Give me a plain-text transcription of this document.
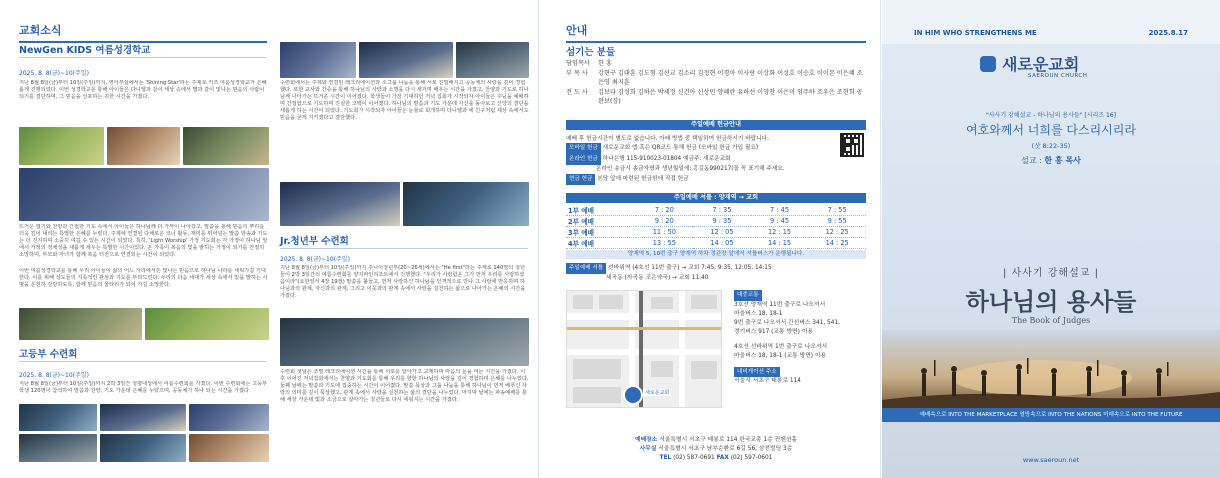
교회소식
NewGen KIDS 여름성경학교
2025. 8. 8(금)~10(주일)
지난 8월 8일(금)부터 10일(주일)까지, 영아부실에서는 'Shining Star'라는 주제로 키즈 여름성경학교가 은혜롭게 진행되었다. 이번 성경학교를 통해 아이들은 다니엘과 같이 세상 속에서 별과 같이 빛나는 믿음의 사람이 되기를 결단하며, 그 믿음을 선포하는 귀한 시간을 가졌다.
뜨거운 열기와 찬양과 간절한 기도 속에서 아이들은 하나님께 더 가까이 나아갔고, 말씀을 통해 믿음의 뿌리를 더욱 깊이 내리는 특별한 은혜를 누렸다. 주제에 연결된 다채로운 코너 활동, 재미를 뛰어넘는 말씀 암송과 기도는 더 진지하며 소중히 여길 수 있는 시간이 되었다. 특히, 'Light Worship' 가정 기도회는 각 가정이 하나님 앞에서 가정의 정체성을 새롭게 세우는 특별한 시간이었다. 온 가족이 복음의 빛을 밝히는 가정이 되기를 간절히 소망하며, 부모와 자녀가 함께 복음 터전으로 연결되는 시간이 되었다.
이번 여름성경학교를 통해 우리 아이들이 삶의 어느 자리에서든 빛나는 믿음으로 하나님 나라를 세워가길 기대한다. 이를 위해 성도들의 지속적인 관심과 기도를 부탁드린다. 우리의 다음 세대가 세상 속에서 빛을 발하는 사명을 온전히 감당하도록, 함께 믿음의 울타리가 되어 가길 소망한다.
고등부 수련회
2025. 8. 8(금)~10(주일)
지난 8월 8일(금)부터 10일(주일)까지 2박 3일간 청평대성에서 여름수련회를 가졌다. 이번 수련회에는 고등부 학생 120명이 참석하여 말씀과 찬양, 기도 가운데 은혜를 누렸으며, 공동체가 하나 되는 시간을 가졌다.
수련회에서는 주제와 연결된 레크리에이션과 소그룹 나눔을 통해 서로 친밀해지고 공동체의 사랑을 깊이 경험했다. 또한 교사와 간증을 통해 하나님의 사랑과 소명을 다시 새기며 배우는 시간을 가졌고, 찬양과 기도로 하나님께 나아가는 뜨거운 시간이 이어졌다. 학생들이 가장 기대하던 저녁 집회가 시작되자 아이들은 주님을 예배하며 간절함으로 기도하며 진실한 고백이 이어졌다. 하나님의 말씀과 기도 가운데 자신을 돌아보고 신앙의 결단을 새롭게 하는 시간이 되었다. 기도회가 시작되자 아이들은 눈물로 회개하며 다니엘과 세 친구처럼 세상 속에서도 믿음을 굳게 지키겠다고 결단했다.
Jr.청년부 수련회
2025. 8. 8(금)~10(주일)
지난 8월 8일(금)부터 10일(주일)까지 주니어청년부(20~26세)에서는 "He first"라는 주제로 140명의 청년들이 2박 3일간의 여름수련회를 양지파인리조트에서 진행했다. "우리가 사랑함은 그가 먼저 우리를 사랑하셨음이라"(요한일서 4장 19절) 말씀을 붙들고, 먼저 사랑하신 하나님을 인격적으로 만나 그 사랑에 반응하며 하나님과의 관계, 자신과의 관계, 그리고 이웃과의 관계 속에서 사랑을 실천하는 삶으로 나아가는 은혜의 시간을 가졌다.
수련회 첫날은 조별 레크리에이션 시간을 통해 서로를 알아가고 교제하며 마음의 문을 여는 시간을 가졌다. 이후 이어진 저녁집회에서는 찬양과 기도회를 통해 우리를 향한 하나님의 사랑을 깊이 경험하며 은혜를 나누었다. 둘째 날에는 말씀과 기도에 집중하는 시간이 이어졌다. 말씀 묵상과 그룹 나눔을 통해 하나님이 먼저 베푸신 사랑의 의미를 깊이 묵상했고, 관계 속에서 사랑을 실천하는 삶의 결단을 나누었다. 마지막 날에는 파송예배를 통해 세상 가운데 빛과 소금으로 살아가는 청년들로 다시 세워지는 시간을 가졌다.
안내
섬기는 분들
담임목사	한 홍
부 목 사	강현구 김대훈 김도형 김선교 김소리 김정현 이경아 이사랑 이상화 이성호 이승호 이이몬 이은혜 조은영 최지훈
전 도 사	김보다 김성희 김하은 박세정 신건아 신상민 양혜란 유하선 이영찬 이은미 임주하 조우은 조현희 공완보(장)
주일예배 헌금안내
예배 후 헌금시간이 별도로 없습니다. 아래 방법 중 택일하여 헌금하시기 바랍니다.
모바일 헌금 새로운교회 앱 혹은 QR코드 통해 헌금 (모바일 헌금 가입 필요)
온라인 헌금 하나은행 115-910023-01804 예금주: 새로운교회
온라인 송금시 송금자명과 생년월일에: 홍길동990217(꼴 꼭 표기해 주세요.
현금 헌금 본당 앞에 마련된 헌금함에 직접 헌금
주일예배 셔틀 : 양재역 → 교회
1부 예배	7 : 20	7 : 35	7 : 45	7 : 55
2부 예배	9 : 20	9 : 35	9 : 45	9 : 55
3부 예배	11 : 50	12 : 05	12 : 15	12 : 25
4부 예배	13 : 55	14 : 05	14 : 15	14 : 25
양재역 5, 10번 출구 양재역 하차 정관장 앞에서 셔틀버스가 운행됩니다.
주일예배 셔틀 선바위역 (4호선 11번 출구) → 교회 7:45, 9:35, 12:05, 14:15
세곡동 (자곡동 조은약국) → 교회 11:40
새로운교회
대중교통
3호선 양재역 11번 출구로 나오셔서
마을버스 18, 18-1
9번 출구로 나오셔서 간선버스 341, 541,
경기버스 917 (교통 방면) 이용
4호선 선바위역 1번 출구로 나오셔서
마을버스 18, 18-1 (교통 방면) 이용
내비게이션 주소
서울시 서초구 태봉로 114
예배장소 서울특별시 서초구 태봉로 114 한국교총 1층 컨벤션홀
사무실 서울특별시 서초구 남부순환로 6길 56, 삼전빌딩 3층
TEL (02) 587-0691 FAX (02) 597-0601
IN HIM WHO STRENGTHENS ME	2025.8.17
새로운교회
SAEROUN CHURCH
"사사기 강해설교 - 하나님의 용사들" [시리즈 16]
여호와께서 너희를 다스리시리라
(삿 8:22-35)
설교 : 한 홍 목사
| 사사기 강해설교 |
하나님의 용사들
The Book of Judges
예배속으로 INTO THE MARKETPLACE 열방속으로 INTO THE NATIONS 미래속으로 INTO THE FUTURE
www.saeroun.net
